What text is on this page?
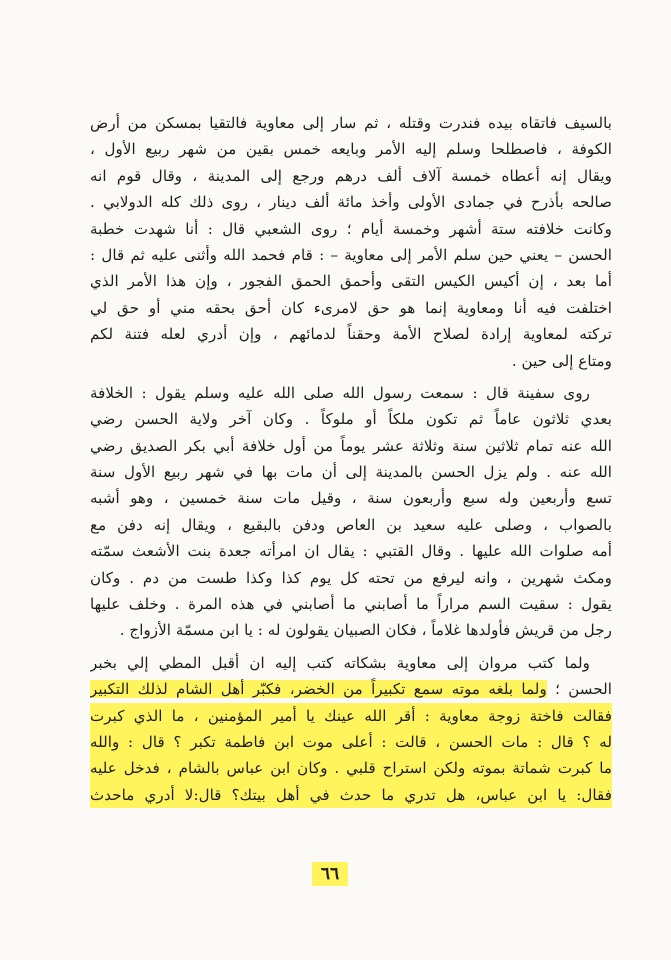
بالسيف فاتقاه بيده فندرت وقتله ، ثم سار إلى معاوية فالتقيا بمسكن من أرض
الكوفة ، فاصطلحا وسلم إليه الأمر وبايعه خمس بقين من شهر ربيع الأول ،
ويقال إنه أعطاه خمسة آلاف ألف درهم ورجع إلى المدينة ، وقال قوم انه
صالحه بأذرح في جمادى الأولى وأخذ مائة ألف دينار ، روى ذلك كله الدولابي .
وكانت خلافته ستة أشهر وخمسة أيام ؛ روى الشعبي قال : أنا شهدت خطبة
الحسن – يعني حين سلم الأمر إلى معاوية – : قام فحمد الله وأثنى عليه ثم قال :
أما بعد ، إن أكيس الكيس التقى وأحمق الحمق الفجور ، وإن هذا الأمر الذي
اختلفت فيه أنا ومعاوية إنما هو حق لامرىء كان أحق بحقه مني أو حق لي
تركته لمعاوية إرادة لصلاح الأمة وحقناً لدمائهم ، وإن أدري لعله فتنة لكم
ومتاع إلى حين .
روى سفينة قال : سمعت رسول الله صلى الله عليه وسلم يقول : الخلافة
بعدي ثلاثون عاماً ثم تكون ملكاً أو ملوكاً . وكان آخر ولاية الحسن رضي
الله عنه تمام ثلاثين سنة وثلاثة عشر يوماً من أول خلافة أبي بكر الصديق رضي
الله عنه . ولم يزل الحسن بالمدينة إلى أن مات بها في شهر ربيع الأول سنة
تسع وأربعين وله سبع وأربعون سنة ، وقيل مات سنة خمسين ، وهو أشبه
بالصواب ، وصلى عليه سعيد بن العاص ودفن بالبقيع ، ويقال إنه دفن مع
أمه صلوات الله عليها . وقال القتبي : يقال ان امرأته جعدة بنت الأشعث سمّته
ومكث شهرين ، وانه ليرفع من تحته كل يوم كذا وكذا طست من دم . وكان
يقول : سقيت السم مراراً ما أصابني ما أصابني في هذه المرة . وخلف عليها
رجل من قريش فأولدها غلاماً ، فكان الصبيان يقولون له : يا ابن مسمّة الأزواج .
ولما كتب مروان إلى معاوية بشكاته كتب إليه ان أقبل المطي إلي بخبر
الحسن ؛ ولما بلغه موته سمع تكبيراً من الخضر، فكبّر أهل الشام لذلك التكبير
فقالت فاختة زوجة معاوية : أقر الله عينك يا أمير المؤمنين ، ما الذي كبرت
له ؟ قال : مات الحسن ، قالت : أعلى موت ابن فاطمة تكبر ؟ قال : والله
ما كبرت شماتة بموته ولكن استراح قلبي . وكان ابن عباس بالشام ، فدخل عليه
فقال: يا ابن عباس، هل تدري ما حدث في أهل بيتك؟ قال:لا أدري ماحدث
٦٦
